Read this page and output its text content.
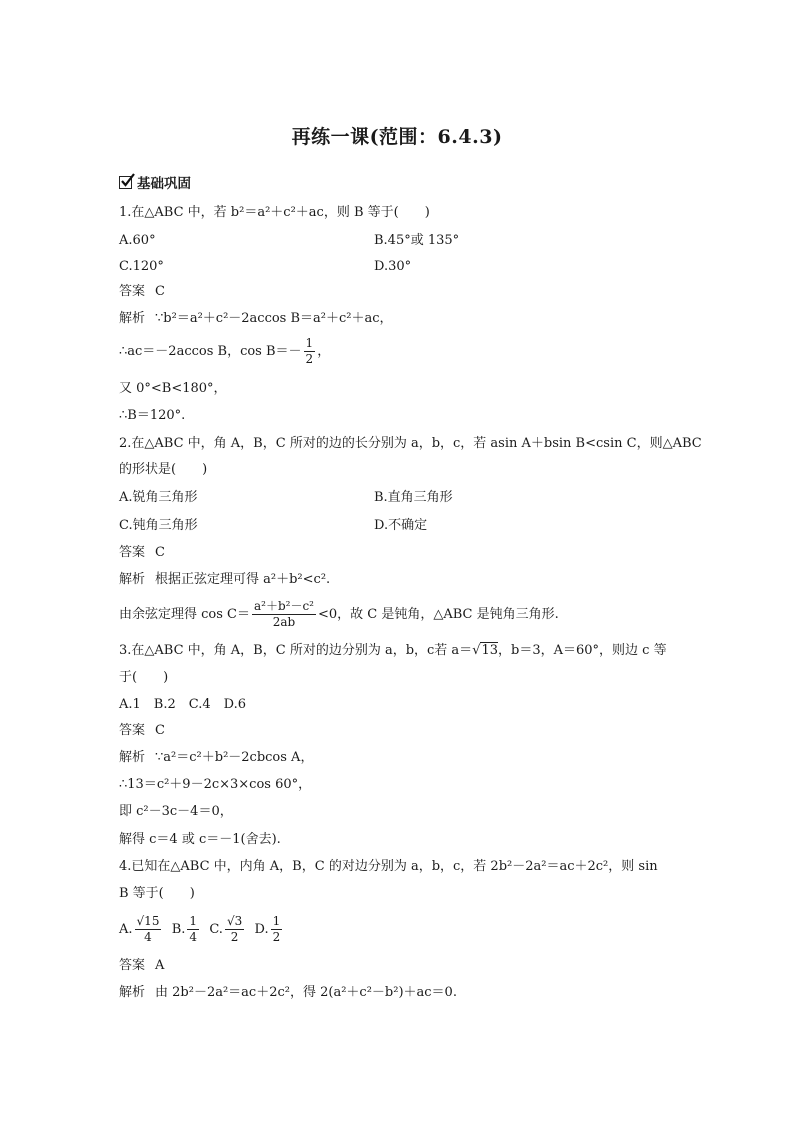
再练一课(范围：6.4.3)
基础巩固
1.在△ABC 中，若 b²＝a²＋c²＋ac，则 B 等于(　　)
A.60°	B.45°或 135°
C.120°	D.30°
答案 C
解析 ∵b²＝a²＋c²－2accos B＝a²＋c²＋ac，
∴ac＝－2accos B，$\cos B=- \frac{1}{2}$ ，
又 0°<B<180°，
∴B＝120°.
2.在△ABC 中，角 A，B，C 所对的边的长分别为 a，b，c，若 asin A＋bsin B<csin C，则△ABC
的形状是(　　)
A.锐角三角形	B.直角三角形
C.钝角三角形	D.不确定
答案 C
解析 根据正弦定理可得 a²＋b²<c².
由余弦定理得 $\cos C= \frac{\text{a²＋b²－c²}}{2ab} <0$，故 C 是钝角，△ABC 是钝角三角形.
3.在△ABC 中，角 A，B，C 所对的边分别为 a，b，c若 a＝√13，b＝3，A＝60°，则边 c 等
于(　　)
A.1　B.2　C.4　D.6
答案 C
解析 ∵a²＝c²＋b²－2cbcos A，
∴13＝c²＋9－2c×3×cos 60°，
即 c²－3c－4＝0，
解得 c＝4 或 c＝－1(舍去).
4.已知在△ABC 中，内角 A，B，C 的对边分别为 a，b，c，若 2b²－2a²＝ac＋2c²，则 sin
B 等于(　　)
A. $\frac{√15}{4} B$. $\frac{1}{4} C$. $\frac{√3}{2} D$. $\frac{1}{2}$
答案 A
解析 由 2b²－2a²＝ac＋2c²，得 2(a²＋c²－b²)＋ac＝0.
